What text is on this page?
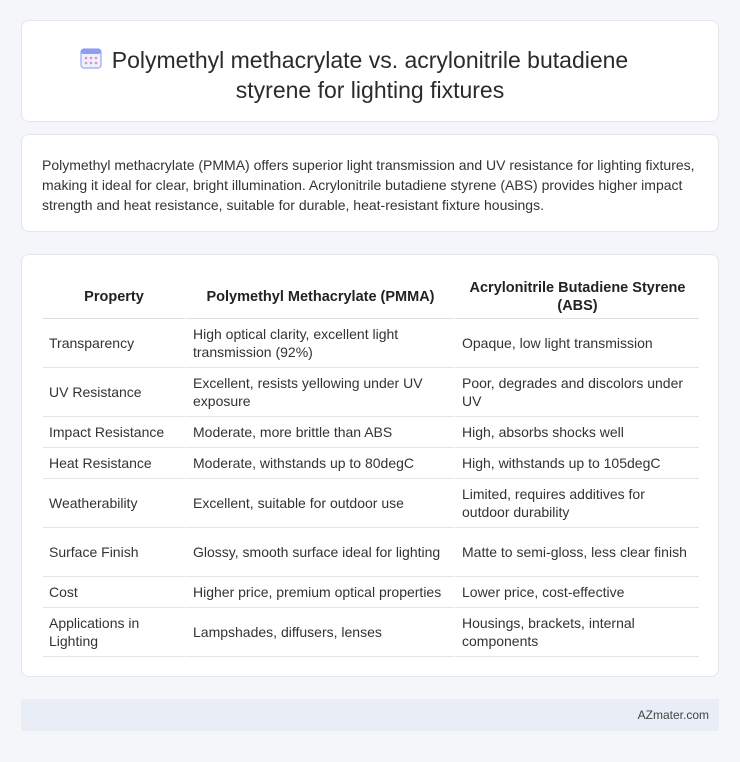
Polymethyl methacrylate vs. acrylonitrile butadiene
styrene for lighting fixtures

Polymethyl methacrylate (PMMA) offers superior light transmission and UV resistance for lighting fixtures, making it ideal for clear, bright illumination. Acrylonitrile butadiene styrene (ABS) provides higher impact strength and heat resistance, suitable for durable, heat-resistant fixture housings.

Property	Polymethyl Methacrylate (PMMA)	Acrylonitrile Butadiene Styrene (ABS)
Transparency	High optical clarity, excellent light transmission (92%)	Opaque, low light transmission
UV Resistance	Excellent, resists yellowing under UV exposure	Poor, degrades and discolors under UV
Impact Resistance	Moderate, more brittle than ABS	High, absorbs shocks well
Heat Resistance	Moderate, withstands up to 80degC	High, withstands up to 105degC
Weatherability	Excellent, suitable for outdoor use	Limited, requires additives for outdoor durability
Surface Finish	Glossy, smooth surface ideal for lighting	Matte to semi-gloss, less clear finish
Cost	Higher price, premium optical properties	Lower price, cost-effective
Applications in Lighting	Lampshades, diffusers, lenses	Housings, brackets, internal components
AZmater.com
